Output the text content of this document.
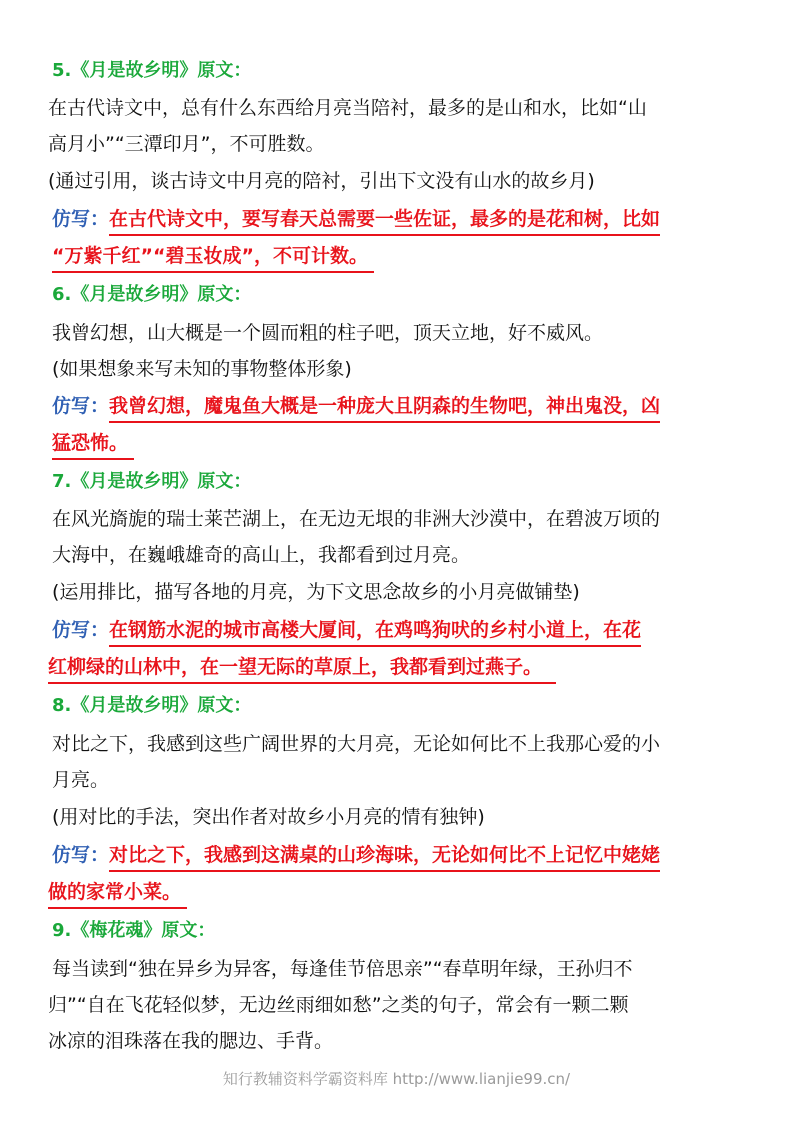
5.《月是故乡明》原文：
在古代诗文中，总有什么东西给月亮当陪衬，最多的是山和水，比如“山
高月小”“三潭印月”，不可胜数。
(通过引用，谈古诗文中月亮的陪衬，引出下文没有山水的故乡月)
仿写：在古代诗文中，要写春天总需要一些佐证，最多的是花和树，比如
“万紫千红”“碧玉妆成”，不可计数。
6.《月是故乡明》原文：
我曾幻想，山大概是一个圆而粗的柱子吧，顶天立地，好不威风。
(如果想象来写未知的事物整体形象)
仿写：我曾幻想，魔鬼鱼大概是一种庞大且阴森的生物吧，神出鬼没，凶
猛恐怖。
7.《月是故乡明》原文：
在风光旖旎的瑞士莱芒湖上，在无边无垠的非洲大沙漠中，在碧波万顷的
大海中，在巍峨雄奇的高山上，我都看到过月亮。
(运用排比，描写各地的月亮，为下文思念故乡的小月亮做铺垫)
仿写：在钢筋水泥的城市高楼大厦间，在鸡鸣狗吠的乡村小道上，在花
红柳绿的山林中，在一望无际的草原上，我都看到过燕子。
8.《月是故乡明》原文：
对比之下，我感到这些广阔世界的大月亮，无论如何比不上我那心爱的小
月亮。
(用对比的手法，突出作者对故乡小月亮的情有独钟)
仿写：对比之下，我感到这满桌的山珍海味，无论如何比不上记忆中姥姥
做的家常小菜。
9.《梅花魂》原文：
每当读到“独在异乡为异客，每逢佳节倍思亲”“春草明年绿，王孙归不
归”“自在飞花轻似梦，无边丝雨细如愁”之类的句子，常会有一颗二颗
冰凉的泪珠落在我的腮边、手背。
知行教辅资料学霸资料库 http://www.lianjie99.cn/
